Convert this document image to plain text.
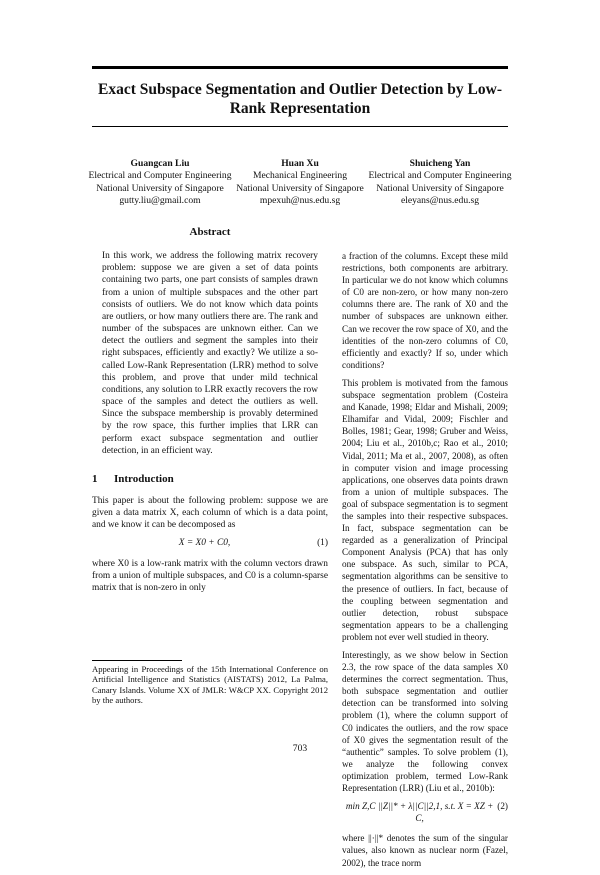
Exact Subspace Segmentation and Outlier Detection by Low-Rank Representation
Guangcan Liu
Electrical and Computer Engineering
National University of Singapore
gutty.liu@gmail.com
Huan Xu
Mechanical Engineering
National University of Singapore
mpexuh@nus.edu.sg
Shuicheng Yan
Electrical and Computer Engineering
National University of Singapore
eleyans@nus.edu.sg
Abstract

In this work, we address the following matrix recovery problem: suppose we are given a set of data points containing two parts, one part consists of samples drawn from a union of multiple subspaces and the other part consists of outliers. We do not know which data points are outliers, or how many outliers there are. The rank and number of the subspaces are unknown either. Can we detect the outliers and segment the samples into their right subspaces, efficiently and exactly? We utilize a so-called Low-Rank Representation (LRR) method to solve this problem, and prove that under mild technical conditions, any solution to LRR exactly recovers the row space of the samples and detect the outliers as well. Since the subspace membership is provably determined by the row space, this further implies that LRR can perform exact subspace segmentation and outlier detection, in an efficient way.

1 Introduction

This paper is about the following problem: suppose we are given a data matrix X, each column of which is a data point, and we know it can be decomposed as

X = X0 + C0,	(1)

where X0 is a low-rank matrix with the column vectors drawn from a union of multiple subspaces, and C0 is a column-sparse matrix that is non-zero in only

a fraction of the columns. Except these mild restrictions, both components are arbitrary. In particular we do not know which columns of C0 are non-zero, or how many non-zero columns there are. The rank of X0 and the number of subspaces are unknown either. Can we recover the row space of X0, and the identities of the non-zero columns of C0, efficiently and exactly? If so, under which conditions?

This problem is motivated from the famous subspace segmentation problem (Costeira and Kanade, 1998; Eldar and Mishali, 2009; Elhamifar and Vidal, 2009; Fischler and Bolles, 1981; Gear, 1998; Gruber and Weiss, 2004; Liu et al., 2010b,c; Rao et al., 2010; Vidal, 2011; Ma et al., 2007, 2008), as often in computer vision and image processing applications, one observes data points drawn from a union of multiple subspaces. The goal of subspace segmentation is to segment the samples into their respective subspaces. In fact, subspace segmentation can be regarded as a generalization of Principal Component Analysis (PCA) that has only one subspace. As such, similar to PCA, segmentation algorithms can be sensitive to the presence of outliers. In fact, because of the coupling between segmentation and outlier detection, robust subspace segmentation appears to be a challenging problem not ever well studied in theory.

Interestingly, as we show below in Section 2.3, the row space of the data samples X0 determines the correct segmentation. Thus, both subspace segmentation and outlier detection can be transformed into solving problem (1), where the column support of C0 indicates the outliers, and the row space of X0 gives the segmentation result of the “authentic” samples. To solve problem (1), we analyze the following convex optimization problem, termed Low-Rank Representation (LRR) (Liu et al., 2010b):

min Z,C ||Z||* + λ||C||2,1, s.t. X = XZ + C,
(2)

where ||·||* denotes the sum of the singular values, also known as nuclear norm (Fazel, 2002), the trace norm

Appearing in Proceedings of the 15th International Conference on Artificial Intelligence and Statistics (AISTATS) 2012, La Palma, Canary Islands. Volume XX of JMLR: W&CP XX. Copyright 2012 by the authors.
703
